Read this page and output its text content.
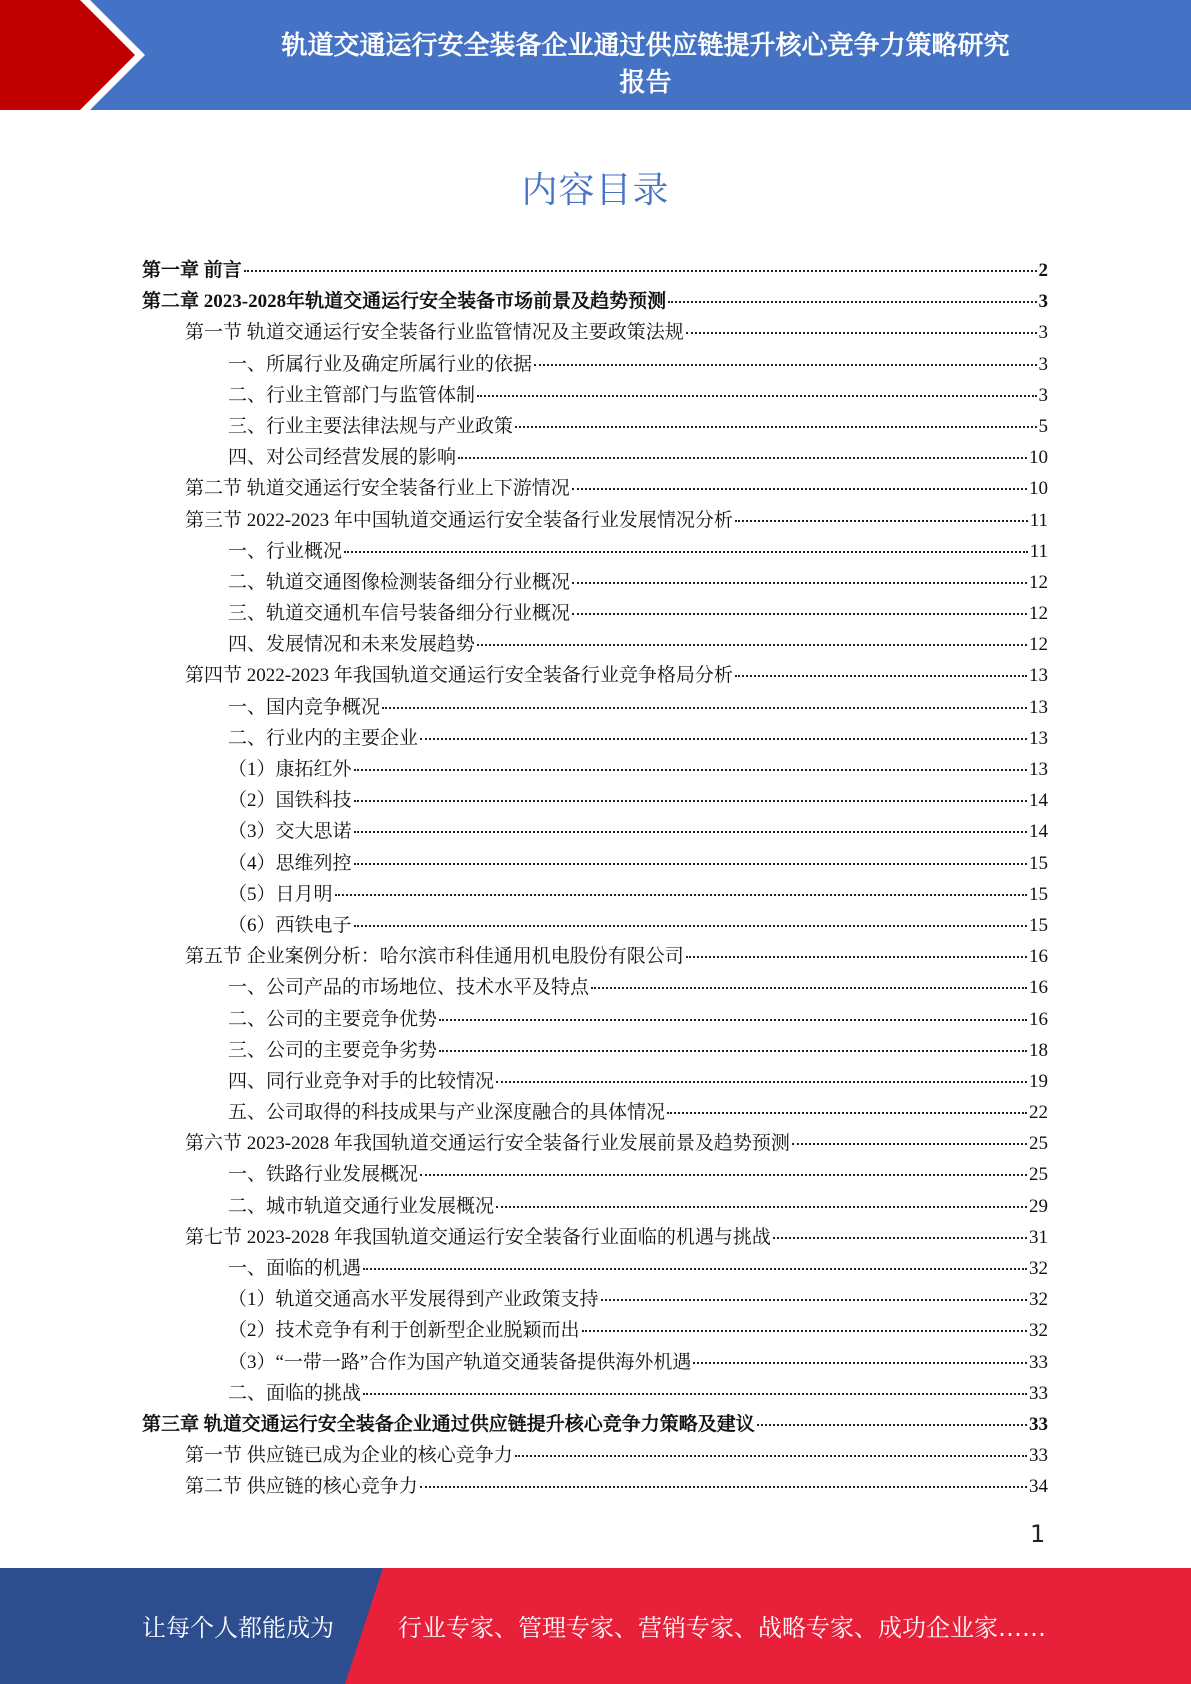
轨道交通运行安全装备企业通过供应链提升核心竞争力策略研究
报告
内容目录
第一章 前言	2
第二章 2023-2028年轨道交通运行安全装备市场前景及趋势预测	3
第一节 轨道交通运行安全装备行业监管情况及主要政策法规	3
一、所属行业及确定所属行业的依据	3
二、行业主管部门与监管体制	3
三、行业主要法律法规与产业政策	5
四、对公司经营发展的影响	10
第二节 轨道交通运行安全装备行业上下游情况	10
第三节 2022-2023 年中国轨道交通运行安全装备行业发展情况分析	11
一、行业概况	11
二、轨道交通图像检测装备细分行业概况	12
三、轨道交通机车信号装备细分行业概况	12
四、发展情况和未来发展趋势	12
第四节 2022-2023 年我国轨道交通运行安全装备行业竞争格局分析	13
一、国内竞争概况	13
二、行业内的主要企业	13
（1）康拓红外	13
（2）国铁科技	14
（3）交大思诺	14
（4）思维列控	15
（5）日月明	15
（6）西铁电子	15
第五节 企业案例分析：哈尔滨市科佳通用机电股份有限公司	16
一、公司产品的市场地位、技术水平及特点	16
二、公司的主要竞争优势	16
三、公司的主要竞争劣势	18
四、同行业竞争对手的比较情况	19
五、公司取得的科技成果与产业深度融合的具体情况	22
第六节 2023-2028 年我国轨道交通运行安全装备行业发展前景及趋势预测	25
一、铁路行业发展概况	25
二、城市轨道交通行业发展概况	29
第七节 2023-2028 年我国轨道交通运行安全装备行业面临的机遇与挑战	31
一、面临的机遇	32
（1）轨道交通高水平发展得到产业政策支持	32
（2）技术竞争有利于创新型企业脱颖而出	32
（3）“一带一路”合作为国产轨道交通装备提供海外机遇	33
二、面临的挑战	33
第三章 轨道交通运行安全装备企业通过供应链提升核心竞争力策略及建议	33
第一节 供应链已成为企业的核心竞争力	33
第二节 供应链的核心竞争力	34
1
让每个人都能成为	行业专家、管理专家、营销专家、战略专家、成功企业家……
